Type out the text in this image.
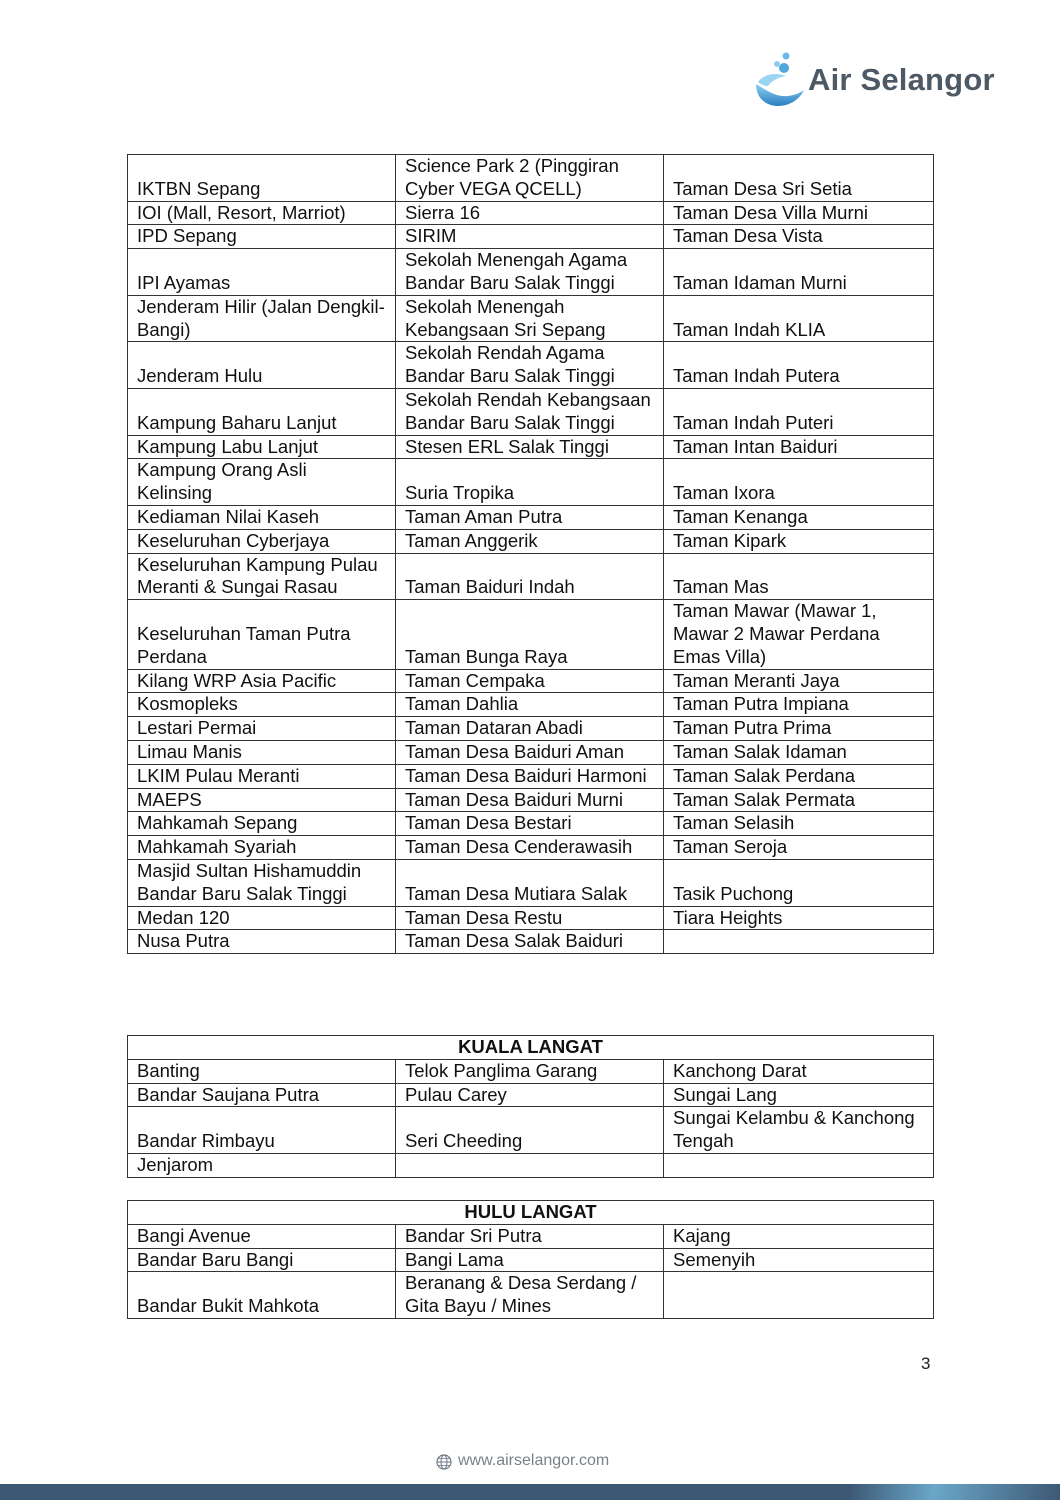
Air Selangor
IKTBN Sepang	Science Park 2 (Pinggiran Cyber VEGA QCELL)	Taman Desa Sri Setia
IOI (Mall, Resort, Marriot)	Sierra 16	Taman Desa Villa Murni
IPD Sepang	SIRIM	Taman Desa Vista
IPI Ayamas	Sekolah Menengah Agama Bandar Baru Salak Tinggi	Taman Idaman Murni
Jenderam Hilir (Jalan Dengkil-Bangi)	Sekolah Menengah Kebangsaan Sri Sepang	Taman Indah KLIA
Jenderam Hulu	Sekolah Rendah Agama Bandar Baru Salak Tinggi	Taman Indah Putera
Kampung Baharu Lanjut	Sekolah Rendah Kebangsaan Bandar Baru Salak Tinggi	Taman Indah Puteri
Kampung Labu Lanjut	Stesen ERL Salak Tinggi	Taman Intan Baiduri
Kampung Orang Asli Kelinsing	Suria Tropika	Taman Ixora
Kediaman Nilai Kaseh	Taman Aman Putra	Taman Kenanga
Keseluruhan Cyberjaya	Taman Anggerik	Taman Kipark
Keseluruhan Kampung Pulau Meranti & Sungai Rasau	Taman Baiduri Indah	Taman Mas
Keseluruhan Taman Putra Perdana	Taman Bunga Raya	Taman Mawar (Mawar 1, Mawar 2 Mawar Perdana Emas Villa)
Kilang WRP Asia Pacific	Taman Cempaka	Taman Meranti Jaya
Kosmopleks	Taman Dahlia	Taman Putra Impiana
Lestari Permai	Taman Dataran Abadi	Taman Putra Prima
Limau Manis	Taman Desa Baiduri Aman	Taman Salak Idaman
LKIM Pulau Meranti	Taman Desa Baiduri Harmoni	Taman Salak Perdana
MAEPS	Taman Desa Baiduri Murni	Taman Salak Permata
Mahkamah Sepang	Taman Desa Bestari	Taman Selasih
Mahkamah Syariah	Taman Desa Cenderawasih	Taman Seroja
Masjid Sultan Hishamuddin Bandar Baru Salak Tinggi	Taman Desa Mutiara Salak	Tasik Puchong
Medan 120	Taman Desa Restu	Tiara Heights
Nusa Putra	Taman Desa Salak Baiduri	
KUALA LANGAT		
Banting	Telok Panglima Garang	Kanchong Darat
Bandar Saujana Putra	Pulau Carey	Sungai Lang
Bandar Rimbayu	Seri Cheeding	Sungai Kelambu & Kanchong Tengah
Jenjarom		
HULU LANGAT		
Bangi Avenue	Bandar Sri Putra	Kajang
Bandar Baru Bangi	Bangi Lama	Semenyih
Bandar Bukit Mahkota	Beranang & Desa Serdang / Gita Bayu / Mines	
3
www.airselangor.com
